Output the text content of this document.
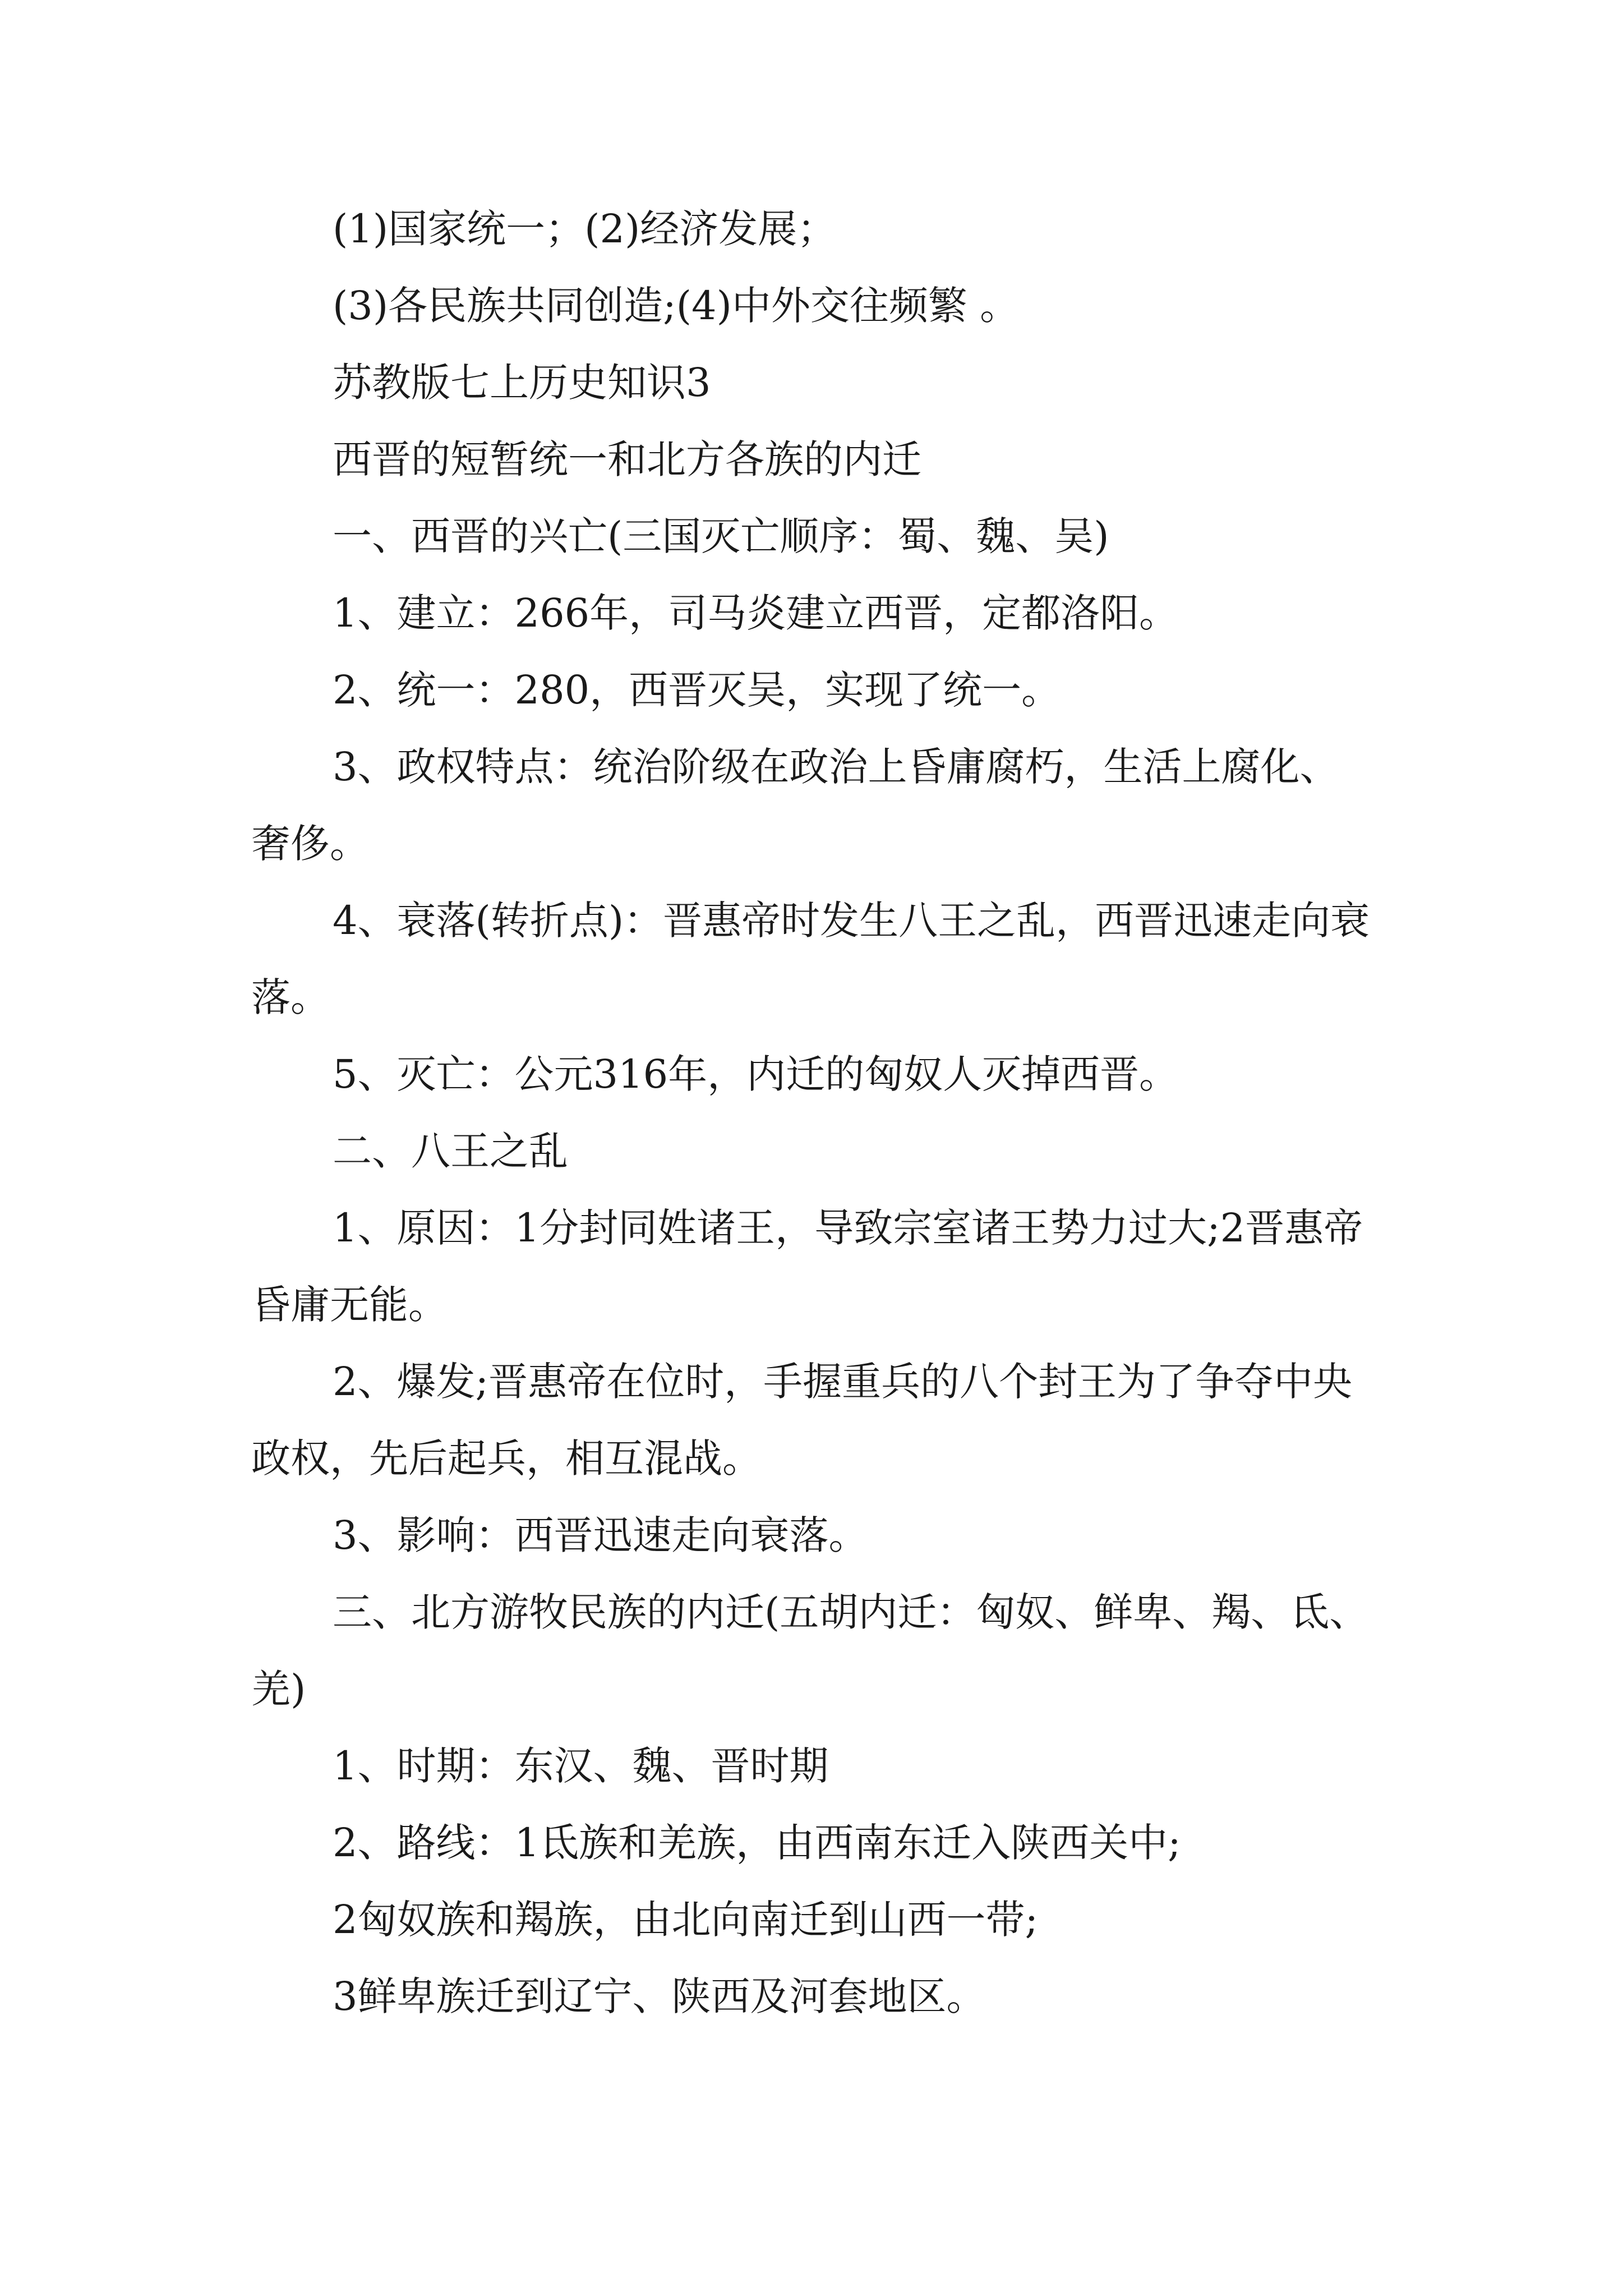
(1)国家统一；(2)经济发展；

(3)各民族共同创造;(4)中外交往频繁 。

苏教版七上历史知识3

西晋的短暂统一和北方各族的内迁

一、西晋的兴亡(三国灭亡顺序：蜀、魏、吴)

1、建立：266年，司马炎建立西晋，定都洛阳。

2、统一：280，西晋灭吴，实现了统一。

3、政权特点：统治阶级在政治上昏庸腐朽，生活上腐化、奢侈。

4、衰落(转折点)：晋惠帝时发生八王之乱，西晋迅速走向衰落。

5、灭亡：公元316年，内迁的匈奴人灭掉西晋。

二、八王之乱

1、原因：1分封同姓诸王，导致宗室诸王势力过大;2晋惠帝昏庸无能。

2、爆发;晋惠帝在位时，手握重兵的八个封王为了争夺中央政权，先后起兵，相互混战。

3、影响：西晋迅速走向衰落。

三、北方游牧民族的内迁(五胡内迁：匈奴、鲜卑、羯、氐、羌)

1、时期：东汉、魏、晋时期

2、路线：1氐族和羌族，由西南东迁入陕西关中;

2匈奴族和羯族，由北向南迁到山西一带;

3鲜卑族迁到辽宁、陕西及河套地区。
